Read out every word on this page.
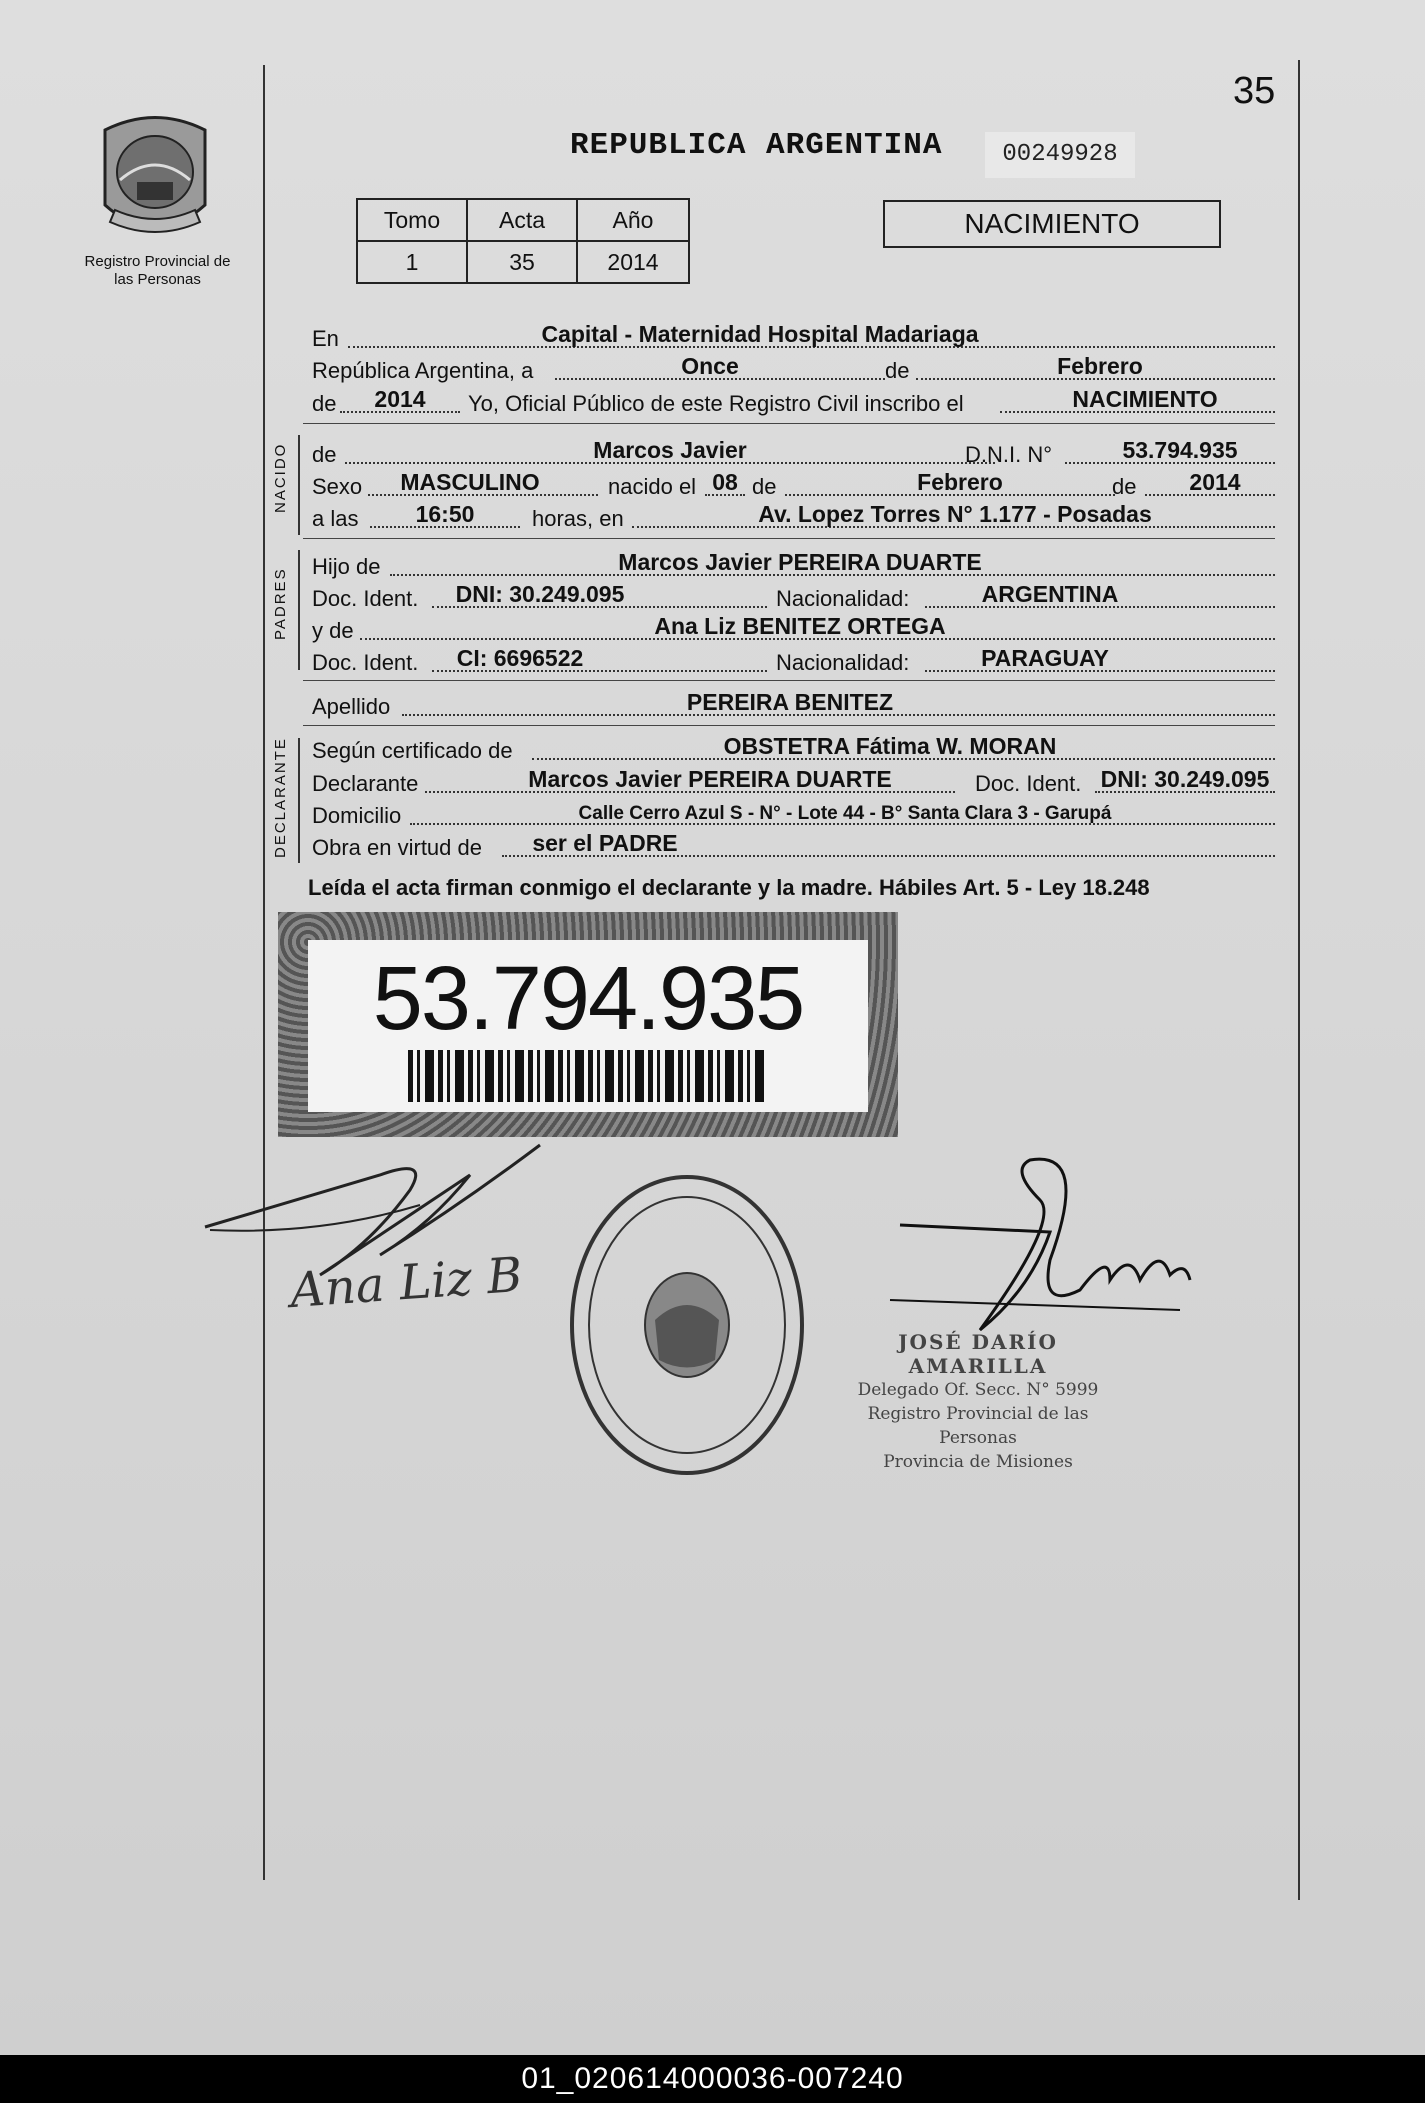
35
Registro Provincial de las Personas
REPUBLICA ARGENTINA	00249928
Tomo	Acta	Año
1	35	2014
NACIMIENTO
En	Capital - Maternidad Hospital Madariaga
República Argentina, a	Once	de	Febrero
de	2014	Yo, Oficial Público de este Registro Civil inscribo el	NACIMIENTO
NACIDO de	Marcos Javier	D.N.I. N°	53.794.935
Sexo	MASCULINO	nacido el 08 de	Febrero	de	2014
a las	16:50	horas, en	Av. Lopez Torres N° 1.177 - Posadas
PADRES
Hijo de	Marcos Javier PEREIRA DUARTE
Doc. Ident.	DNI: 30.249.095	Nacionalidad:	ARGENTINA
y de	Ana Liz BENITEZ ORTEGA
Doc. Ident.	CI: 6696522	Nacionalidad:	PARAGUAY
Apellido	PEREIRA BENITEZ
DECLARANTE Según certificado de	OBSTETRA Fátima W. MORAN
Declarante	Marcos Javier PEREIRA DUARTE	Doc. Ident. DNI: 30.249.095
Domicilio	Calle Cerro Azul S - N° - Lote 44 - B° Santa Clara 3 - Garupá
Obra en virtud de ser el PADRE
Leída el acta firman conmigo el declarante y la madre. Hábiles Art. 5 - Ley 18.248
53.794.935
Ana Liz B
JOSÉ DARÍO AMARILLA
Delegado Of. Secc. N° 5999
Registro Provincial de las Personas
Provincia de Misiones
01_020614000036-007240
